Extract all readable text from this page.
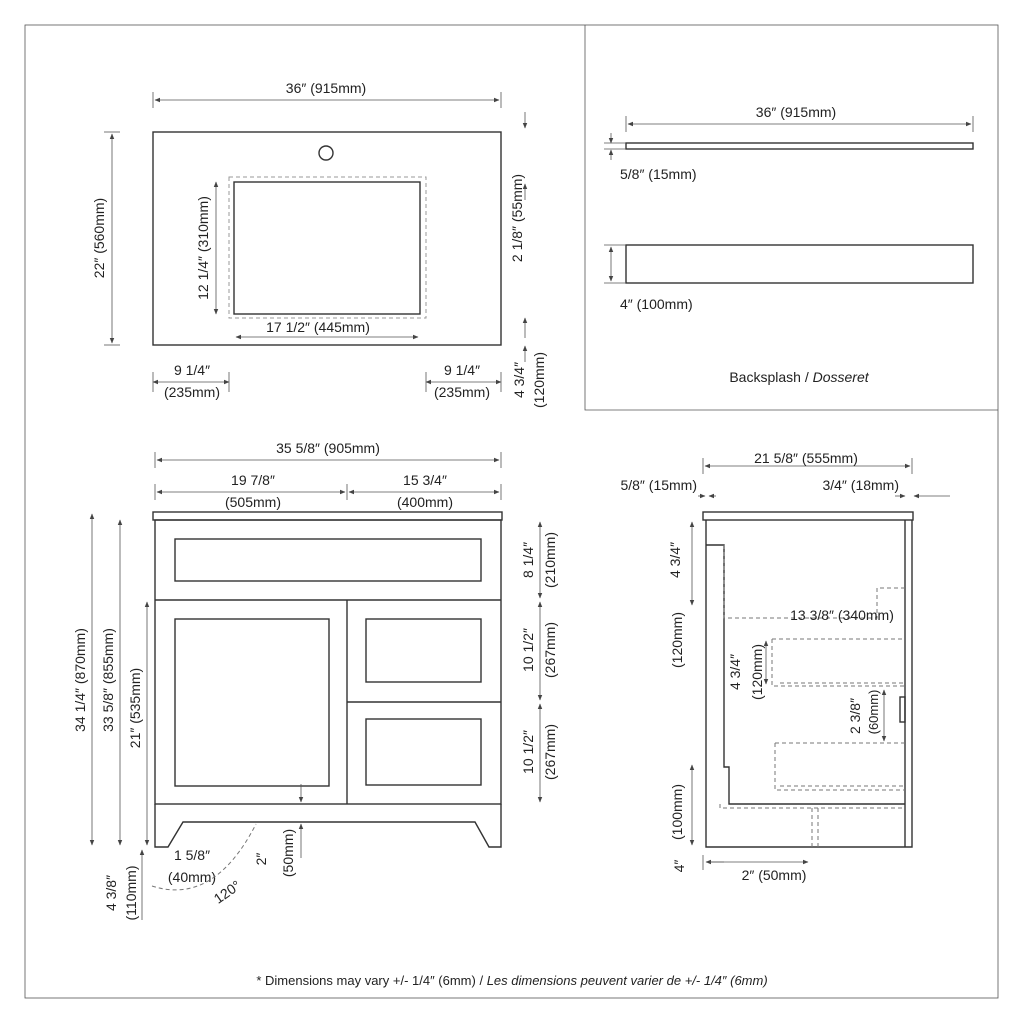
36″ (915mm)
22″ (560mm)	12 1/4″ (310mm)
17 1/2″ (445mm)
2 1/8″ (55mm)
9 1/4″
(235mm)
9 1/4″
(235mm) 4 3/4″ (120mm)
36″ (915mm)
5/8″ (15mm)
4″ (100mm)
Backsplash / Dosseret
35 5/8″ (905mm)
19 7/8″
(505mm)
15 3/4″
(400mm)
34 1/4″ (870mm) 33 5/8″ (855mm) 21″ (535mm)
8 1/4″ (210mm)
10 1/2″ (267mm)
10 1/2″ (267mm)
2″ (50mm)
1 5/8″
(40mm)
120°
4 3/8″ (110mm)
21 5/8″ (555mm)
5/8″ (15mm)	3/4″ (18mm)
4 3/4″
(120mm)	13 3/8″ (340mm)
4 3/4″ (120mm)
2 3/8″ (60mm)
(100mm)
4″
2″ (50mm)
* Dimensions may vary +/- 1/4″ (6mm) / Les dimensions peuvent varier de +/- 1/4″ (6mm)
